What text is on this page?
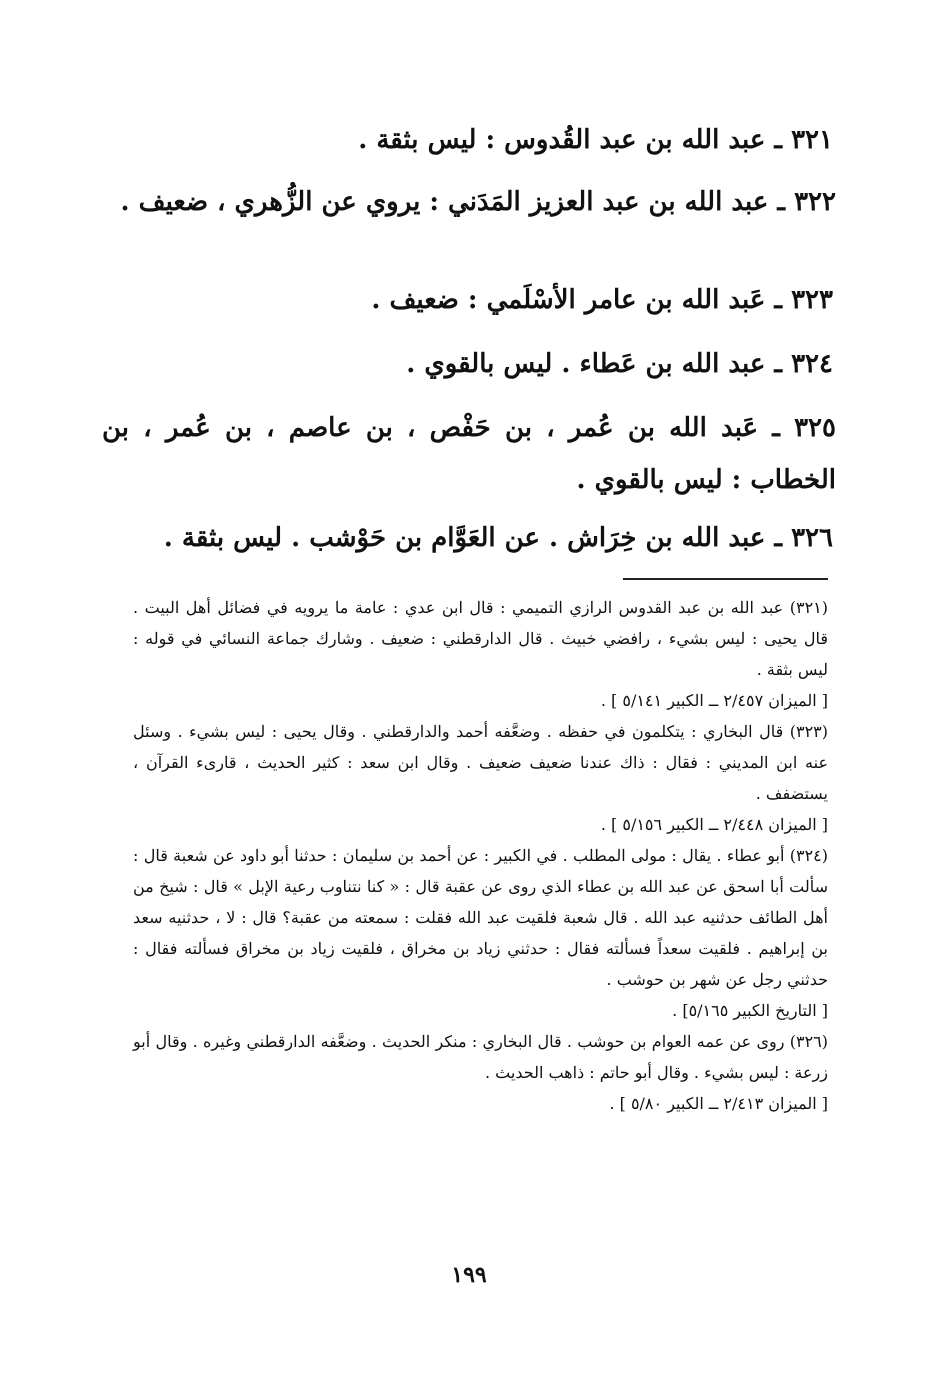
٣٢١ ـ عبد الله بن عبد القُدوس : ليس بثقة .
٣٢٢ ـ عبد الله بن عبد العزيز المَدَني : يروي عن الزُّهري ، ضعيف .
٣٢٣ ـ عَبد الله بن عامر الأسْلَمي : ضعيف .
٣٢٤ ـ عبد الله بن عَطاء . ليس بالقوي .
٣٢٥ ـ عَبد الله بن عُمر ، بن حَفْص ، بن عاصم ، بن عُمر ، بن الخطاب : ليس بالقوي .
٣٢٦ ـ عبد الله بن خِرَاش . عن العَوَّام بن حَوْشب . ليس بثقة .
(٣٢١) عبد الله بن عبد القدوس الرازي التميمي : قال ابن عدي : عامة ما يرويه في فضائل أهل البيت . قال يحيى : ليس بشيء ، رافضي خبيث . قال الدارقطني : ضعيف . وشارك جماعة النسائي في قوله : ليس بثقة .
[ الميزان ٢/٤٥٧ ــ الكبير ٥/١٤١ ] .
(٣٢٣) قال البخاري : يتكلمون في حفظه . وضعَّفه أحمد والدارقطني . وقال يحيى : ليس بشيء . وسئل عنه ابن المديني : فقال : ذاك عندنا ضعيف ضعيف . وقال ابن سعد : كثير الحديث ، قارىء القرآن ، يستضفف .
[ الميزان ٢/٤٤٨ ــ الكبير ٥/١٥٦ ] .
(٣٢٤) أبو عطاء . يقال : مولى المطلب . في الكبير : عن أحمد بن سليمان : حدثنا أبو داود عن شعبة قال : سألت أبا اسحق عن عبد الله بن عطاء الذي روى عن عقبة قال : « كنا نتناوب رعية الإبل » قال : شيخ من أهل الطائف حدثنيه عبد الله . قال شعبة فلقيت عبد الله فقلت : سمعته من عقبة؟ قال : لا ، حدثنيه سعد بن إبراهيم . فلقيت سعداً فسألته فقال : حدثني زياد بن مخراق ، فلقيت زياد بن مخراق فسألته فقال : حدثني رجل عن شهر بن حوشب .
[ التاريخ الكبير ٥/١٦٥] .
(٣٢٦) روى عن عمه العوام بن حوشب . قال البخاري : منكر الحديث . وضعَّفه الدارقطني وغيره . وقال أبو زرعة : ليس بشيء . وقال أبو حاتم : ذاهب الحديث .
[ الميزان ٢/٤١٣ ــ الكبير ٥/٨٠ ] .
١٩٩
